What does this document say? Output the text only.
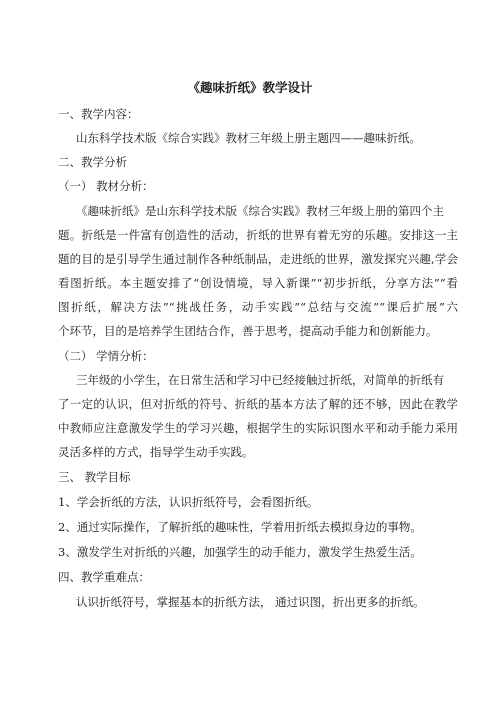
《趣味折纸》教学设计
一、教学内容：
山东科学技术版《综合实践》教材三年级上册主题四——趣味折纸。
二、教学分析
（一） 教材分析：
《趣味折纸》是山东科学技术版《综合实践》教材三年级上册的第四个主
题。折纸是一件富有创造性的活动，折纸的世界有着无穷的乐趣。安排这一主
题的目的是引导学生通过制作各种纸制品，走进纸的世界，激发探究兴趣,学会
看图折纸。本主题安排了“创设情境，导入新课”“初步折纸，分享方法”“看
图折纸，解决方法”“挑战任务，动手实践”“总结与交流”“课后扩展”六
个环节，目的是培养学生团结合作，善于思考，提高动手能力和创新能力。
（二） 学情分析：
三年级的小学生，在日常生活和学习中已经接触过折纸，对简单的折纸有
了一定的认识，但对折纸的符号、折纸的基本方法了解的还不够，因此在教学
中教师应注意激发学生的学习兴趣，根据学生的实际识图水平和动手能力采用
灵活多样的方式，指导学生动手实践。
三、 教学目标
1、学会折纸的方法，认识折纸符号，会看图折纸。
2、通过实际操作，了解折纸的趣味性，学着用折纸去模拟身边的事物。
3、激发学生对折纸的兴趣，加强学生的动手能力，激发学生热爱生活。
四、教学重难点：
认识折纸符号，掌握基本的折纸方法， 通过识图，折出更多的折纸。
